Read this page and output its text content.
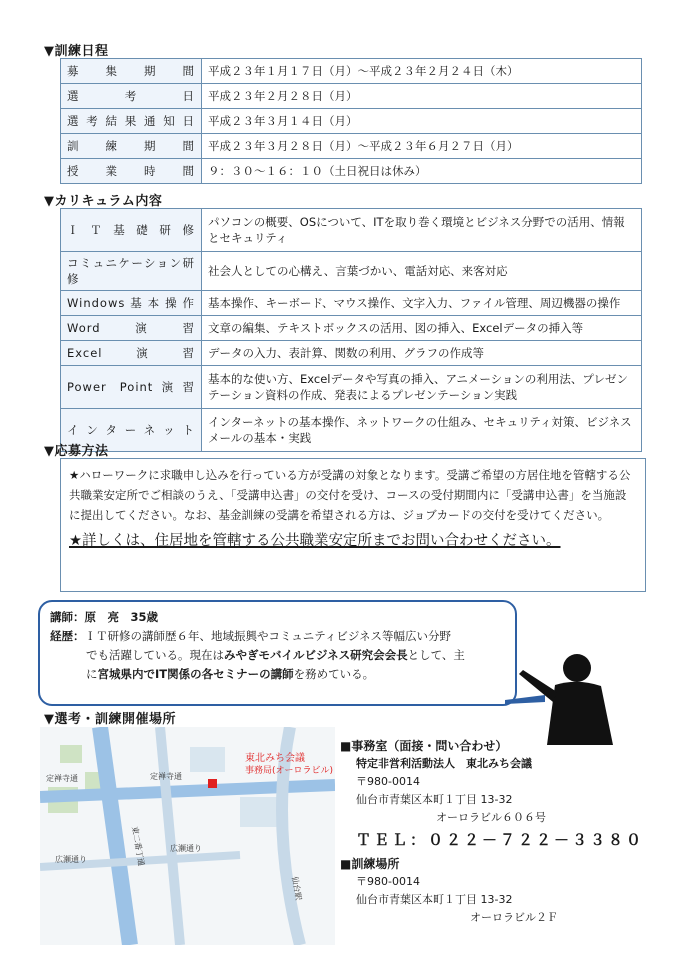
▼訓練日程
募集期間	平成２３年１月１７日（月）～平成２３年２月２４日（木）
選考日	平成２３年２月２８日（月）
選考結果通知日	平成２３年３月１４日（月）
訓練期間	平成２３年３月２８日（月）～平成２３年６月２７日（月）
授業時間	９：３０～１６：１０（土日祝日は休み）
▼カリキュラム内容
ＩＴ基礎研修	パソコンの概要、OSについて、ITを取り巻く環境とビジネス分野での活用、情報とセキュリティ
コミュニケーション研修	社会人としての心構え、言葉づかい、電話対応、来客対応
Windows基本操作	基本操作、キーボード、マウス操作、文字入力、ファイル管理、周辺機器の操作
Word演習	文章の編集、テキストボックスの活用、図の挿入、Excelデータの挿入等
Excel演習	データの入力、表計算、関数の利用、グラフの作成等
Power Point演習	基本的な使い方、Excelデータや写真の挿入、アニメーションの利用法、プレゼンテーション資料の作成、発表によるプレゼンテーション実践
インターネット	インターネットの基本操作、ネットワークの仕組み、セキュリティ対策、ビジネスメールの基本・実践
▼応募方法
★ハローワークに求職申し込みを行っている方が受講の対象となります。受講ご希望の方居住地を管轄する公共職業安定所でご相談のうえ、「受講申込書」の交付を受け、コースの受付期間内に「受講申込書」を当施設に提出してください。なお、基金訓練の受講を希望される方は、ジョブカードの交付を受けてください。
★詳しくは、住居地を管轄する公共職業安定所までお問い合わせください。
講師：原　亮　35歳
経歴：ＩＴ研修の講師歴６年、地域振興やコミュニティビジネス等幅広い分野
でも活躍している。現在はみやぎモバイルビジネス研究会会長として、主
に宮城県内でIT関係の各セミナーの講師を務めている。
▼選考・訓練開催場所
東北みち会議
事務局(オーロラビル)
定禅寺通
定禅寺通
広瀬通り
広瀬通り
東二番丁通
仙台駅
■事務室（面接・問い合わせ）
特定非営利活動法人　東北みち会議
〒980-0014
仙台市青葉区本町１丁目 13-32
オーロラビル６０６号
ＴＥＬ：０２２－７２２－３３８０
■訓練場所
〒980-0014
仙台市青葉区本町１丁目 13-32
オーロラビル２Ｆ
